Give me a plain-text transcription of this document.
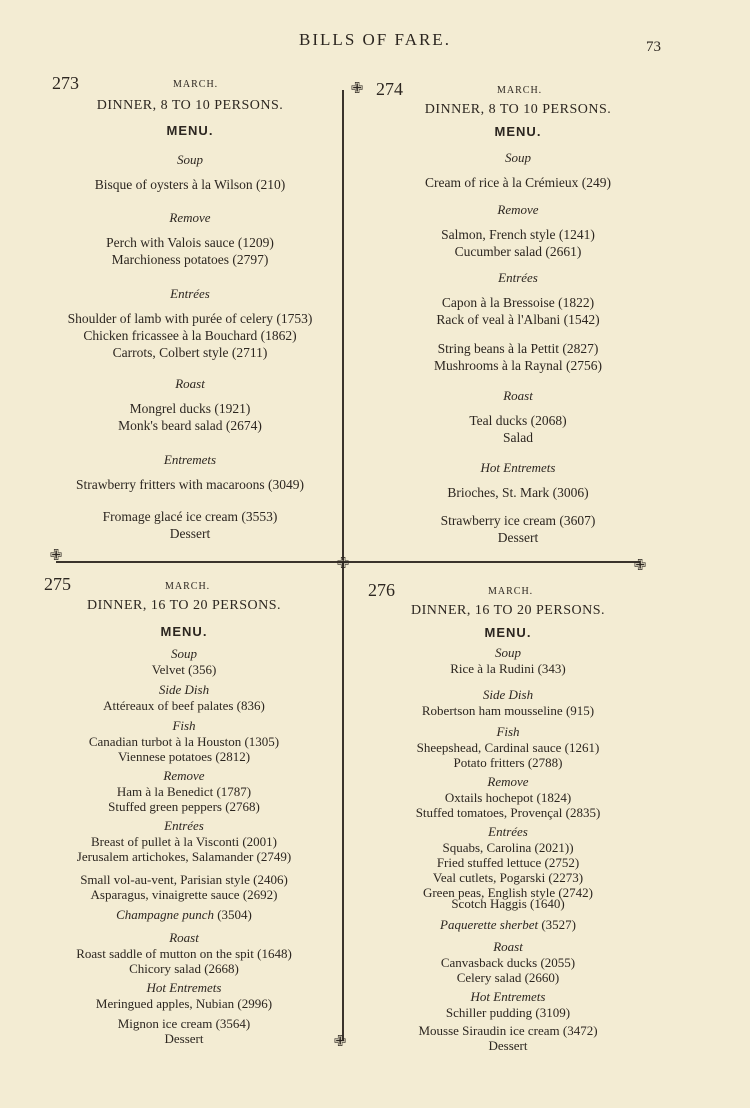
BILLS OF FARE.	73
✙
✙	✙	✙
✙
273	MARCH.
DINNER, 8 TO 10 PERSONS.
MENU.
Soup
Bisque of oysters à la Wilson (210)
Remove
Perch with Valois sauce (1209)
Marchioness potatoes (2797)
Entrées
Shoulder of lamb with purée of celery (1753)
Chicken fricassee à la Bouchard (1862)
Carrots, Colbert style (2711)
Roast
Mongrel ducks (1921)
Monk's beard salad (2674)
Entremets
Strawberry fritters with macaroons (3049)
Fromage glacé ice cream (3553)
Dessert
274	MARCH.
DINNER, 8 TO 10 PERSONS.
MENU.
Soup
Cream of rice à la Crémieux (249)
Remove
Salmon, French style (1241)
Cucumber salad (2661)
Entrées
Capon à la Bressoise (1822)
Rack of veal à l'Albani (1542)
String beans à la Pettit (2827)
Mushrooms à la Raynal (2756)
Roast
Teal ducks (2068)
Salad
Hot Entremets
Brioches, St. Mark (3006)
Strawberry ice cream (3607)
Dessert
275	MARCH.
DINNER, 16 TO 20 PERSONS.
MENU.
Soup
Velvet (356)
Side Dish
Attéreaux of beef palates (836)
Fish
Canadian turbot à la Houston (1305)
Viennese potatoes (2812)
Remove
Ham à la Benedict (1787)
Stuffed green peppers (2768)
Entrées
Breast of pullet à la Visconti (2001)
Jerusalem artichokes, Salamander (2749)
Small vol-au-vent, Parisian style (2406)
Asparagus, vinaigrette sauce (2692)
Champagne punch (3504)
Roast
Roast saddle of mutton on the spit (1648)
Chicory salad (2668)
Hot Entremets
Meringued apples, Nubian (2996)
Mignon ice cream (3564)
Dessert
276	MARCH.
DINNER, 16 TO 20 PERSONS.
MENU.
Soup
Rice à la Rudini (343)
Side Dish
Robertson ham mousseline (915)
Fish
Sheepshead, Cardinal sauce (1261)
Potato fritters (2788)
Remove
Oxtails hochepot (1824)
Stuffed tomatoes, Provençal (2835)
Entrées
Squabs, Carolina (2021))
Fried stuffed lettuce (2752)
Veal cutlets, Pogarski (2273)
Green peas, English style (2742)
Scotch Haggis (1640)
Paquerette sherbet (3527)
Roast
Canvasback ducks (2055)
Celery salad (2660)
Hot Entremets
Schiller pudding (3109)
Mousse Siraudin ice cream (3472)
Dessert
